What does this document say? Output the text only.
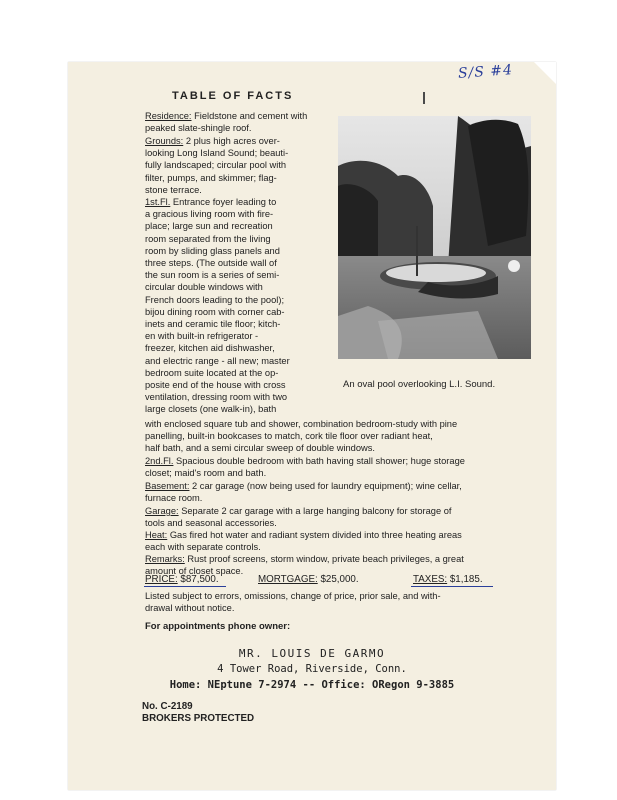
S/S #4
TABLE OF FACTS
Residence: Fieldstone and cement with peaked slate-shingle roof.

Grounds: 2 plus high acres over-

looking Long Island Sound; beauti-

fully landscaped; circular pool with

filter, pumps, and skimmer; flag-

stone terrace.

1st.Fl. Entrance foyer leading to

a gracious living room with fire-

place; large sun and recreation

room separated from the living

room by sliding glass panels and

three steps. (The outside wall of

the sun room is a series of semi-

circular double windows with

French doors leading to the pool);

bijou dining room with corner cab-

inets and ceramic tile floor; kitch-

en with built-in refrigerator -

freezer, kitchen aid dishwasher,

and electric range - all new; master

bedroom suite located at the op-

posite end of the house with cross

ventilation, dressing room with two

large closets (one walk-in), bath

An oval pool overlooking L.I. Sound.

with enclosed square tub and shower, combination bedroom-study with pine

panelling, built-in bookcases to match, cork tile floor over radiant heat,

half bath, and a semi circular sweep of double windows.

2nd.Fl. Spacious double bedroom with bath having stall shower; huge storage

closet; maid's room and bath.

Basement: 2 car garage (now being used for laundry equipment); wine cellar,

furnace room.

Garage: Separate 2 car garage with a large hanging balcony for storage of

tools and seasonal accessories.

Heat: Gas fired hot water and radiant system divided into three heating areas

each with separate controls.

Remarks: Rust proof screens, storm window, private beach privileges, a great

amount of closet space.

PRICE: $87,500.	MORTGAGE: $25,000.	TAXES: $1,185.

Listed subject to errors, omissions, change of price, prior sale, and with-

drawal without notice.

For appointments phone owner:
MR. LOUIS DE GARMO
4 Tower Road, Riverside, Conn.
Home: NEptune 7-2974 -- Office: ORegon 9-3885
No. C-2189
BROKERS PROTECTED
